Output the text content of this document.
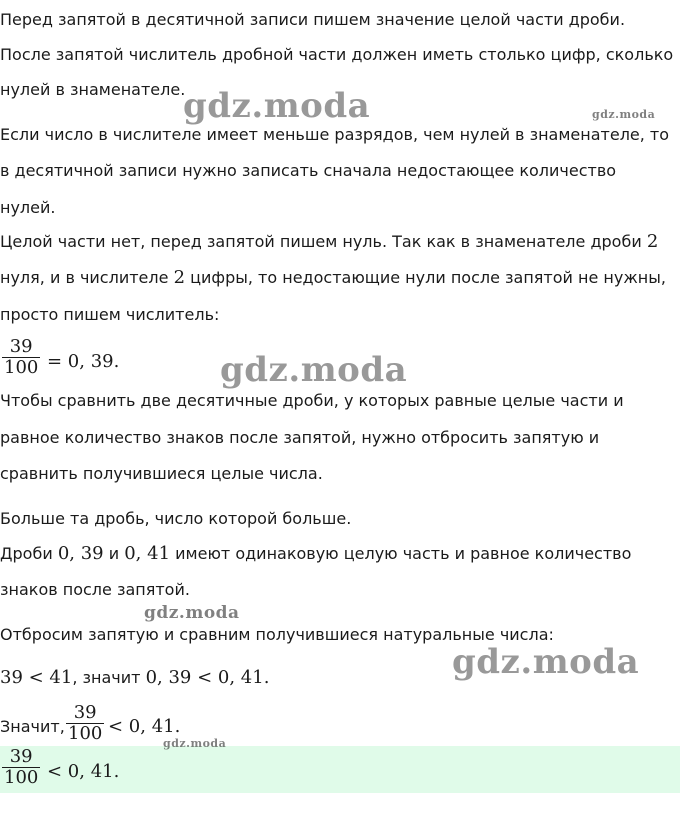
Перед запятой в десятичной записи пишем значение целой части дроби.
После запятой числитель дробной части должен иметь столько цифр, сколько
нулей в знаменателе.
Если число в числителе имеет меньше разрядов, чем нулей в знаменателе, то
в десятичной записи нужно записать сначала недостающее количество
нулей.
Целой части нет, перед запятой пишем нуль. Так как в знаменателе дроби 2
нуля, и в числителе 2 цифры, то недостающие нули после запятой не нужны,
просто пишем числитель:
$\frac{39}{100} = 0$, 39.
Чтобы сравнить две десятичные дроби, у которых равные целые части и
равное количество знаков после запятой, нужно отбросить запятую и
сравнить получившиеся целые числа.
Больше та дробь, число которой больше.
Дроби 0, 39 и 0, 41 имеют одинаковую целую часть и равное количество
знаков после запятой.
Отбросим запятую и сравним получившиеся натуральные числа:
39 < 41, значит 0, 39 < 0, 41.
Значит, $\frac{39}{100} < 0$, 41.
$\frac{39}{100} < 0$, 41.
gdz.moda	gdz.moda
gdz.moda
gdz.moda
gdz.moda
gdz.moda
